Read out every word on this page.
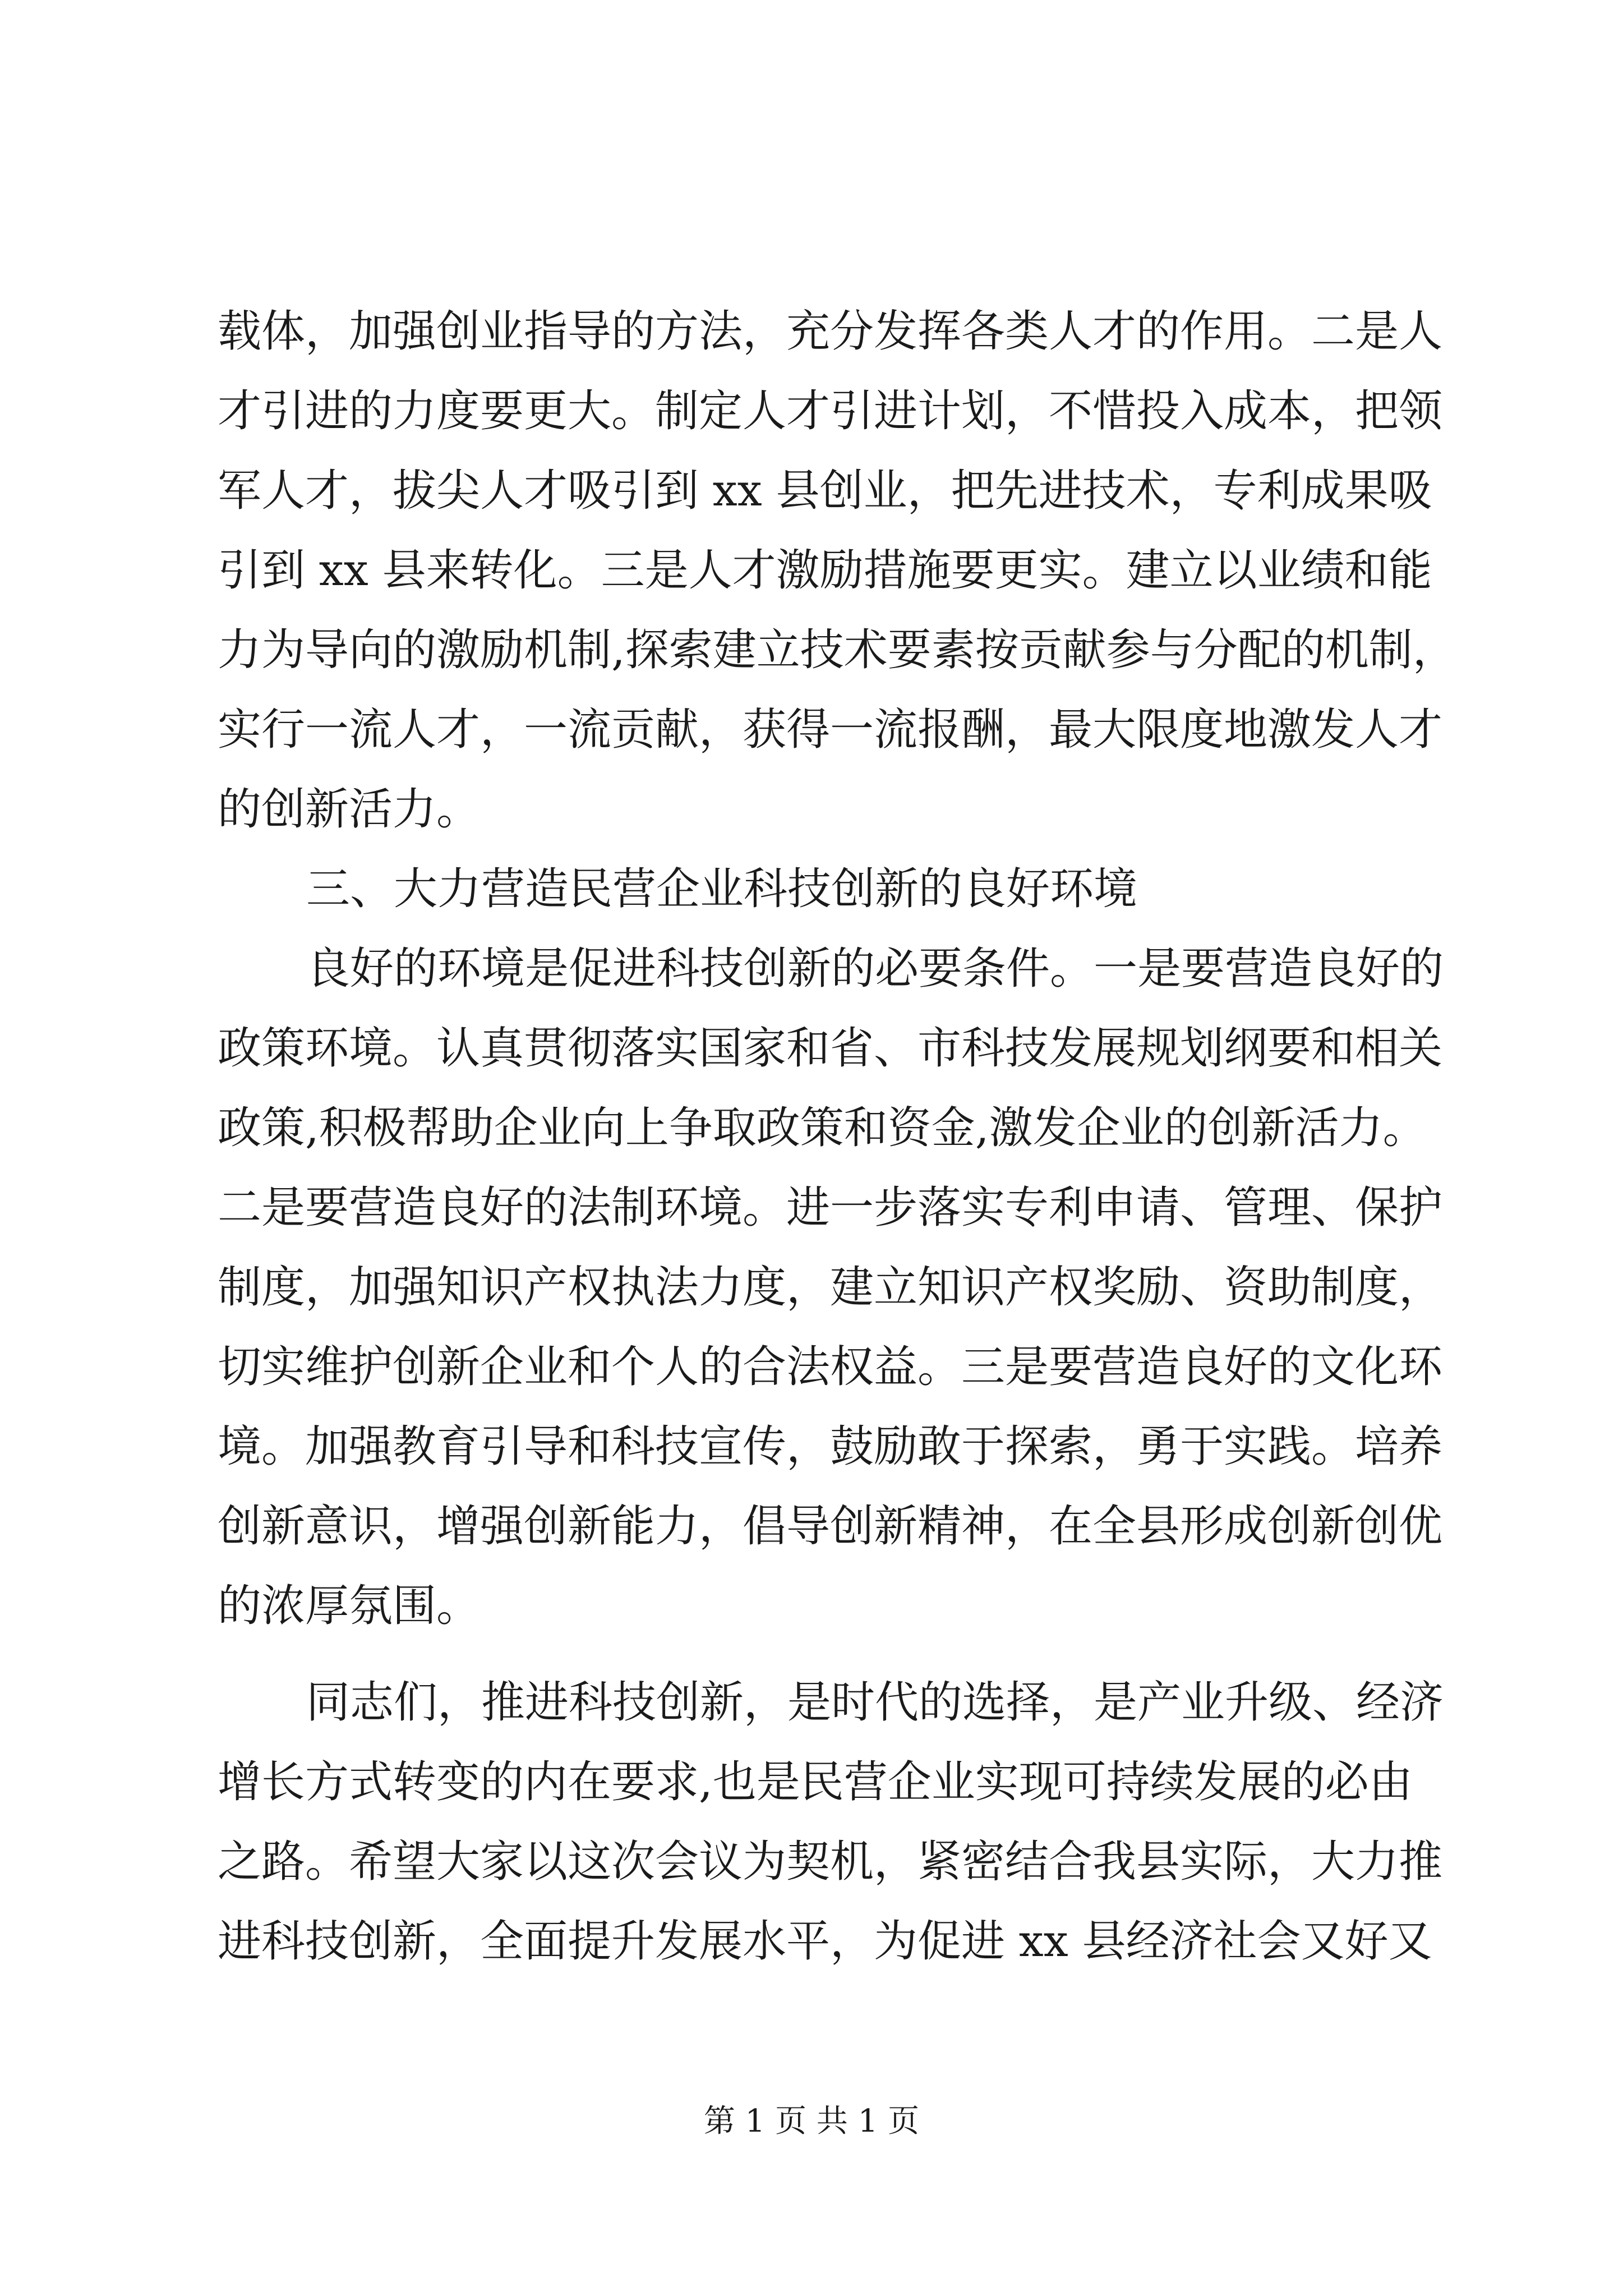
载体，加强创业指导的方法，充分发挥各类人才的作用。二是人
才引进的力度要更大。制定人才引进计划，不惜投入成本，把领
军人才，拔尖人才吸引到 xx 县创业，把先进技术，专利成果吸
引到 xx 县来转化。三是人才激励措施要更实。建立以业绩和能
力为导向的激励机制,探索建立技术要素按贡献参与分配的机制，
实行一流人才，一流贡献，获得一流报酬，最大限度地激发人才
的创新活力。
三、大力营造民营企业科技创新的良好环境
良好的环境是促进科技创新的必要条件。一是要营造良好的
政策环境。认真贯彻落实国家和省、市科技发展规划纲要和相关
政策,积极帮助企业向上争取政策和资金,激发企业的创新活力。
二是要营造良好的法制环境。进一步落实专利申请、管理、保护
制度，加强知识产权执法力度，建立知识产权奖励、资助制度，
切实维护创新企业和个人的合法权益。三是要营造良好的文化环
境。加强教育引导和科技宣传，鼓励敢于探索，勇于实践。培养
创新意识，增强创新能力，倡导创新精神，在全县形成创新创优
的浓厚氛围。
同志们，推进科技创新，是时代的选择，是产业升级、经济
增长方式转变的内在要求,也是民营企业实现可持续发展的必由
之路。希望大家以这次会议为契机，紧密结合我县实际，大力推
进科技创新，全面提升发展水平，为促进 xx 县经济社会又好又
第 1 页 共 1 页
